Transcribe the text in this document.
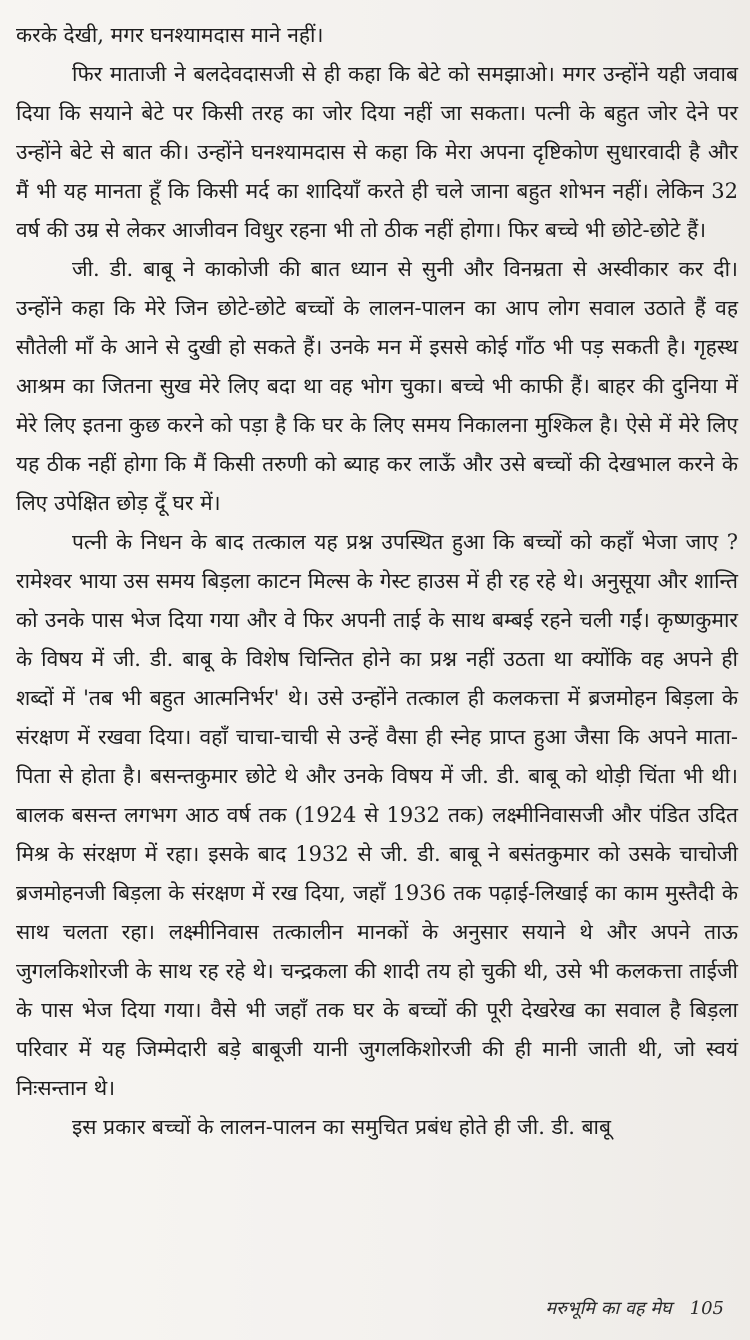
करके देखी, मगर घनश्यामदास माने नहीं।

फिर माताजी ने बलदेवदासजी से ही कहा कि बेटे को समझाओ। मगर उन्होंने यही जवाब दिया कि सयाने बेटे पर किसी तरह का जोर दिया नहीं जा सकता। पत्नी के बहुत जोर देने पर उन्होंने बेटे से बात की। उन्होंने घनश्यामदास से कहा कि मेरा अपना दृष्टिकोण सुधारवादी है और मैं भी यह मानता हूँ कि किसी मर्द का शादियाँ करते ही चले जाना बहुत शोभन नहीं। लेकिन 32 वर्ष की उम्र से लेकर आजीवन विधुर रहना भी तो ठीक नहीं होगा। फिर बच्चे भी छोटे-छोटे हैं।

जी. डी. बाबू ने काकोजी की बात ध्यान से सुनी और विनम्रता से अस्वीकार कर दी। उन्होंने कहा कि मेरे जिन छोटे-छोटे बच्चों के लालन-पालन का आप लोग सवाल उठाते हैं वह सौतेली माँ के आने से दुखी हो सकते हैं। उनके मन में इससे कोई गाँठ भी पड़ सकती है। गृहस्थ आश्रम का जितना सुख मेरे लिए बदा था वह भोग चुका। बच्चे भी काफी हैं। बाहर की दुनिया में मेरे लिए इतना कुछ करने को पड़ा है कि घर के लिए समय निकालना मुश्किल है। ऐसे में मेरे लिए यह ठीक नहीं होगा कि मैं किसी तरुणी को ब्याह कर लाऊँ और उसे बच्चों की देखभाल करने के लिए उपेक्षित छोड़ दूँ घर में।

पत्नी के निधन के बाद तत्काल यह प्रश्न उपस्थित हुआ कि बच्चों को कहाँ भेजा जाए ? रामेश्वर भाया उस समय बिड़ला काटन मिल्स के गेस्ट हाउस में ही रह रहे थे। अनुसूया और शान्ति को उनके पास भेज दिया गया और वे फिर अपनी ताई के साथ बम्बई रहने चली गईं। कृष्णकुमार के विषय में जी. डी. बाबू के विशेष चिन्तित होने का प्रश्न नहीं उठता था क्योंकि वह अपने ही शब्दों में 'तब भी बहुत आत्मनिर्भर' थे। उसे उन्होंने तत्काल ही कलकत्ता में ब्रजमोहन बिड़ला के संरक्षण में रखवा दिया। वहाँ चाचा-चाची से उन्हें वैसा ही स्नेह प्राप्त हुआ जैसा कि अपने माता-पिता से होता है। बसन्तकुमार छोटे थे और उनके विषय में जी. डी. बाबू को थोड़ी चिंता भी थी। बालक बसन्त लगभग आठ वर्ष तक (1924 से 1932 तक) लक्ष्मीनिवासजी और पंडित उदित मिश्र के संरक्षण में रहा। इसके बाद 1932 से जी. डी. बाबू ने बसंतकुमार को उसके चाचोजी ब्रजमोहनजी बिड़ला के संरक्षण में रख दिया, जहाँ 1936 तक पढ़ाई-लिखाई का काम मुस्तैदी के साथ चलता रहा। लक्ष्मीनिवास तत्कालीन मानकों के अनुसार सयाने थे और अपने ताऊ जुगलकिशोरजी के साथ रह रहे थे। चन्द्रकला की शादी तय हो चुकी थी, उसे भी कलकत्ता ताईजी के पास भेज दिया गया। वैसे भी जहाँ तक घर के बच्चों की पूरी देखरेख का सवाल है बिड़ला परिवार में यह जिम्मेदारी बड़े बाबूजी यानी जुगलकिशोरजी की ही मानी जाती थी, जो स्वयं निःसन्तान थे।

इस प्रकार बच्चों के लालन-पालन का समुचित प्रबंध होते ही जी. डी. बाबू

मरुभूमि का वह मेघ 105
